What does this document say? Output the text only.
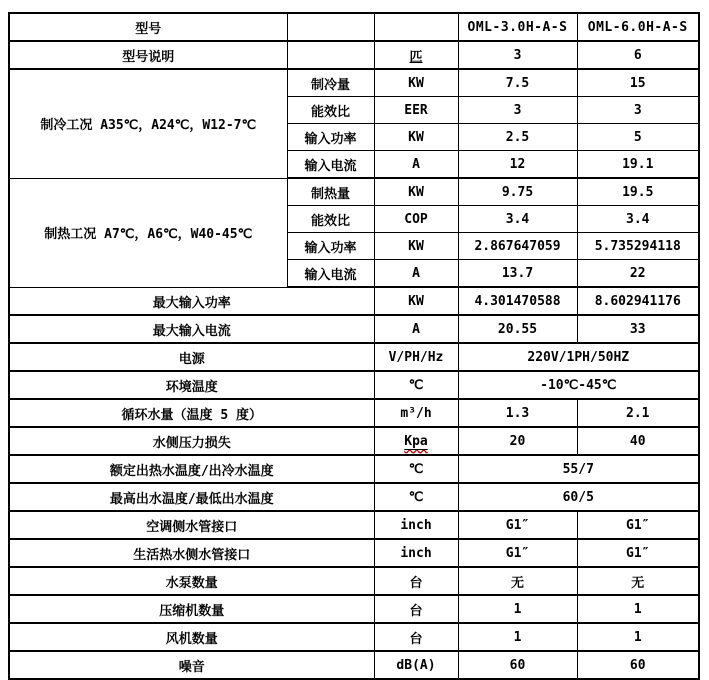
型号			OML-3.0H-A-S	OML-6.0H-A-S
型号说明		匹	3	6
制冷工况 A35℃，A24℃，W12-7℃	制冷量	KW	7.5	15
	能效比	EER	3	3
	输入功率	KW	2.5	5
	输入电流	A	12	19.1
制热工况 A7℃，A6℃，W40-45℃	制热量	KW	9.75	19.5
	能效比	COP	3.4	3.4
	输入功率	KW	2.867647059	5.735294118
	输入电流	A	13.7	22
最大输入功率		KW	4.301470588	8.602941176
最大输入电流		A	20.55	33
电源		V/PH/Hz	220V/1PH/50HZ	
环境温度		℃	-10℃-45℃	
循环水量（温度 5 度）		m³/h	1.3	2.1
水侧压力损失		Kpa	20	40
额定出热水温度/出冷水温度		℃	55/7	
最高出水温度/最低出水温度		℃	60/5	
空调侧水管接口		inch	G1″	G1″
生活热水侧水管接口		inch	G1″	G1″
水泵数量		台	无	无
压缩机数量		台	1	1
风机数量		台	1	1
噪音		dB(A)	60	60
